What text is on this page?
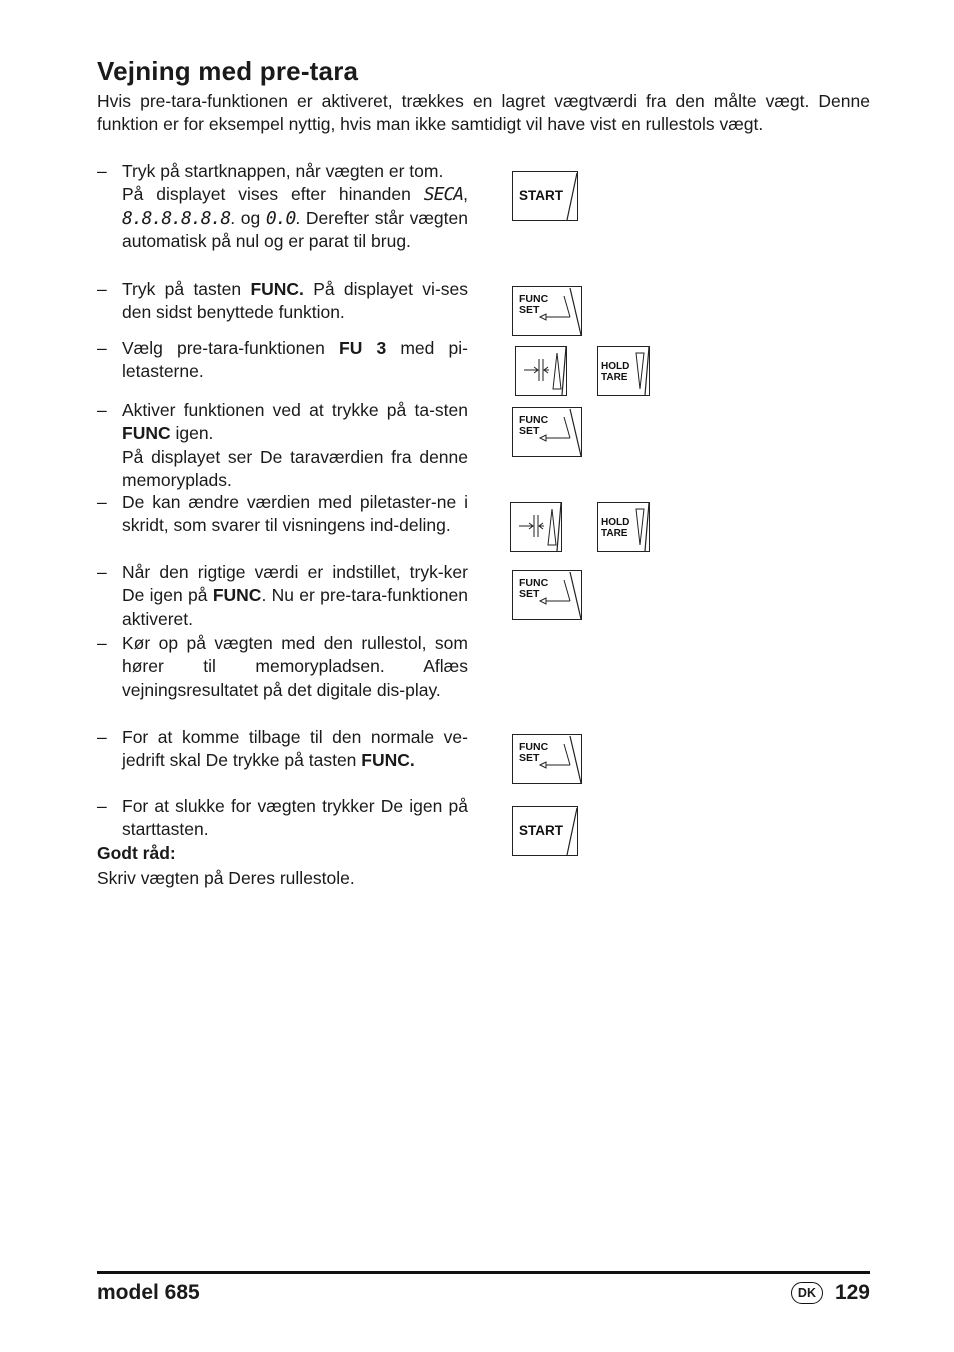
Vejning med pre-tara

Hvis pre-tara-funktionen er aktiveret, trækkes en lagret vægtværdi fra den målte vægt. Denne funktion er for eksempel nyttig, hvis man ikke samtidigt vil have vist en rullestols vægt.

– Tryk på startknappen, når vægten er tom.

På displayet vises efter hinanden SECA, 8.8.8.8.8.8. og 0.0. Derefter står vægten automatisk på nul og er parat til brug.

– Tryk på tasten FUNC. På displayet vi-ses den sidst benyttede funktion.

– Vælg pre-tara-funktionen FU 3 med pi-letasterne.

– Aktiver funktionen ved at trykke på ta-sten FUNC igen.

På displayet ser De taraværdien fra denne memoryplads.

– De kan ændre værdien med piletaster-ne i skridt, som svarer til visningens ind-deling.

– Når den rigtige værdi er indstillet, tryk-ker De igen på FUNC. Nu er pre-tara-funktionen aktiveret.

– Kør op på vægten med den rullestol, som hører til memorypladsen. Aflæs vejningsresultatet på det digitale dis-play.

– For at komme tilbage til den normale ve-jedrift skal De trykke på tasten FUNC.

– For at slukke for vægten trykker De igen på starttasten.

Godt råd:
Skriv vægten på Deres rullestole.
START
FUNC
SET
HOLD
TARE
FUNC
SET
HOLD
TARE
FUNC
SET
FUNC
SET
START
model 685	DK 129
